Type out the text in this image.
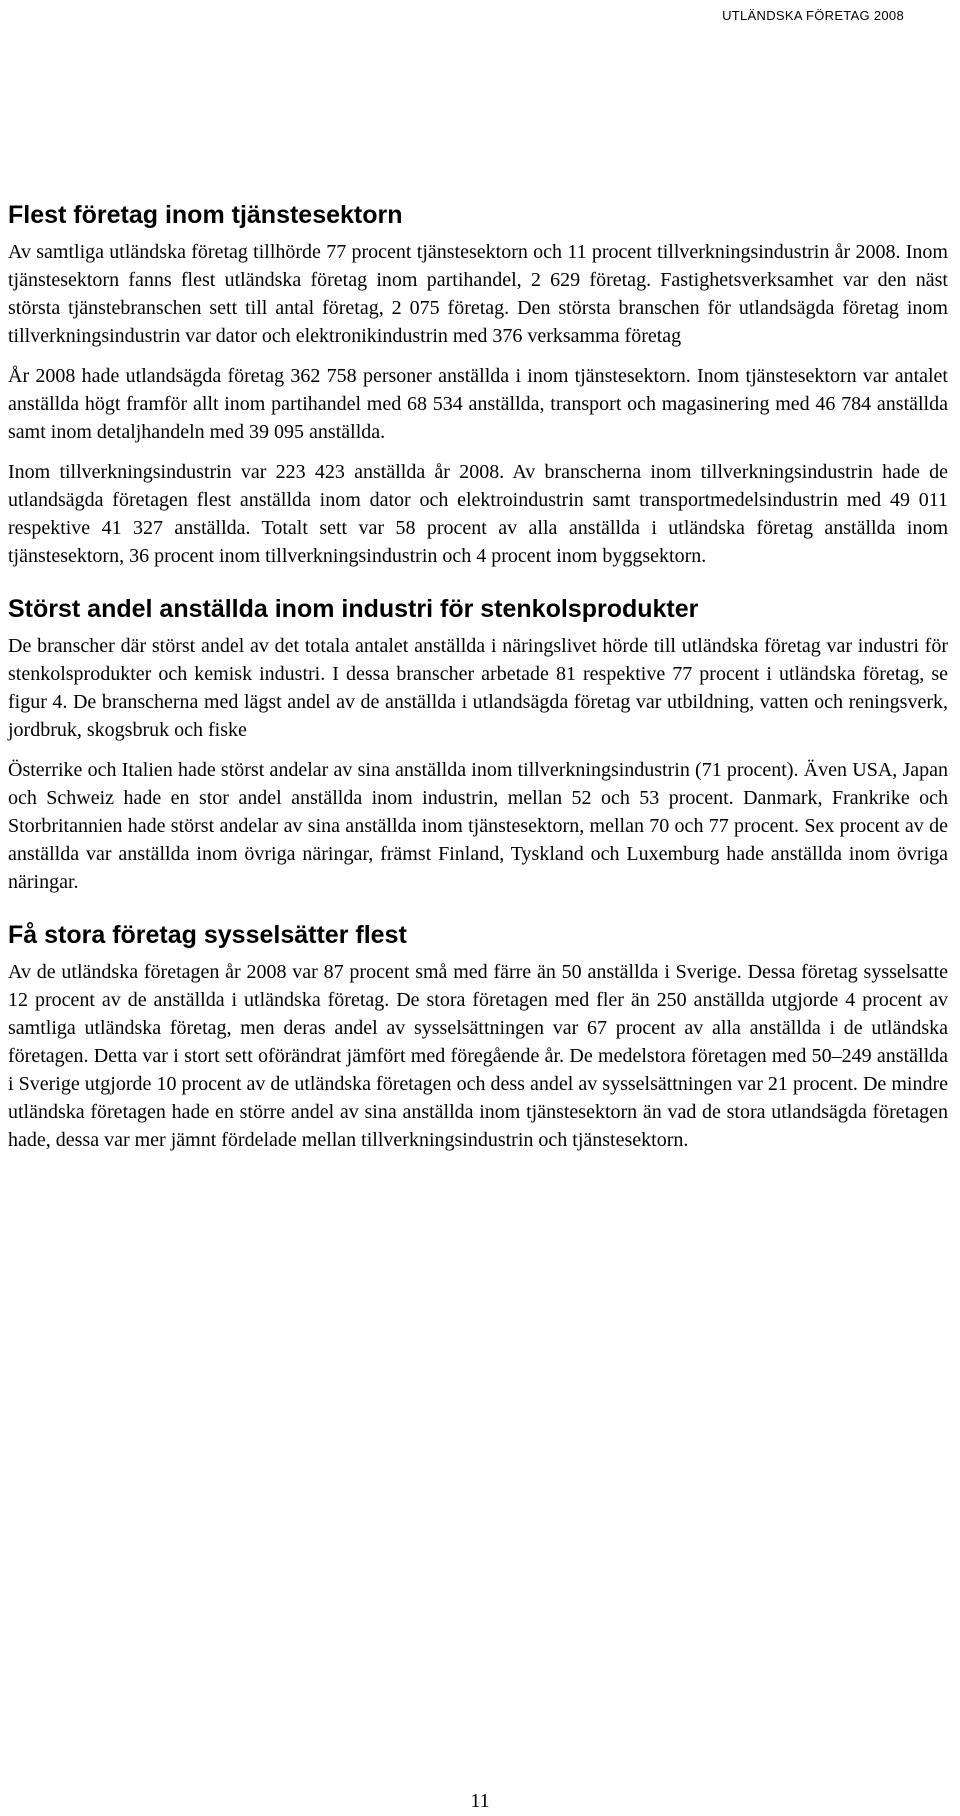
UTLÄNDSKA FÖRETAG 2008
Flest företag inom tjänstesektorn

Av samtliga utländska företag tillhörde 77 procent tjänstesektorn och 11 procent tillverkningsindustrin år 2008. Inom tjänstesektorn fanns flest utländska företag inom partihandel, 2 629 företag. Fastighetsverksamhet var den näst största tjänstebranschen sett till antal företag, 2 075 företag. Den största branschen för utlandsägda företag inom tillverkningsindustrin var dator och elektronikindustrin med 376 verksamma företag

År 2008 hade utlandsägda företag 362 758 personer anställda i inom tjänstesektorn. Inom tjänstesektorn var antalet anställda högt framför allt inom partihandel med 68 534 anställda, transport och magasinering med 46 784 anställda samt inom detaljhandeln med 39 095 anställda.

Inom tillverkningsindustrin var 223 423 anställda år 2008. Av branscherna inom tillverkningsindustrin hade de utlandsägda företagen flest anställda inom dator och elektroindustrin samt transportmedelsindustrin med 49 011 respektive 41 327 anställda. Totalt sett var 58 procent av alla anställda i utländska företag anställda inom tjänstesektorn, 36 procent inom tillverkningsindustrin och 4 procent inom byggsektorn.

Störst andel anställda inom industri för stenkolsprodukter

De branscher där störst andel av det totala antalet anställda i näringslivet hörde till utländska företag var industri för stenkolsprodukter och kemisk industri. I dessa branscher arbetade 81 respektive 77 procent i utländska företag, se figur 4. De branscherna med lägst andel av de anställda i utlandsägda företag var utbildning, vatten och reningsverk, jordbruk, skogsbruk och fiske

Österrike och Italien hade störst andelar av sina anställda inom tillverkningsindustrin (71 procent). Även USA, Japan och Schweiz hade en stor andel anställda inom industrin, mellan 52 och 53 procent. Danmark, Frankrike och Storbritannien hade störst andelar av sina anställda inom tjänstesektorn, mellan 70 och 77 procent. Sex procent av de anställda var anställda inom övriga näringar, främst Finland, Tyskland och Luxemburg hade anställda inom övriga näringar.

Få stora företag sysselsätter flest

Av de utländska företagen år 2008 var 87 procent små med färre än 50 anställda i Sverige. Dessa företag sysselsatte 12 procent av de anställda i utländska företag. De stora företagen med fler än 250 anställda utgjorde 4 procent av samtliga utländska företag, men deras andel av sysselsättningen var 67 procent av alla anställda i de utländska företagen. Detta var i stort sett oförändrat jämfört med föregående år. De medelstora företagen med 50–249 anställda i Sverige utgjorde 10 procent av de utländska företagen och dess andel av sysselsättningen var 21 procent. De mindre utländska företagen hade en större andel av sina anställda inom tjänstesektorn än vad de stora utlandsägda företagen hade, dessa var mer jämnt fördelade mellan tillverkningsindustrin och tjänstesektorn.

11
